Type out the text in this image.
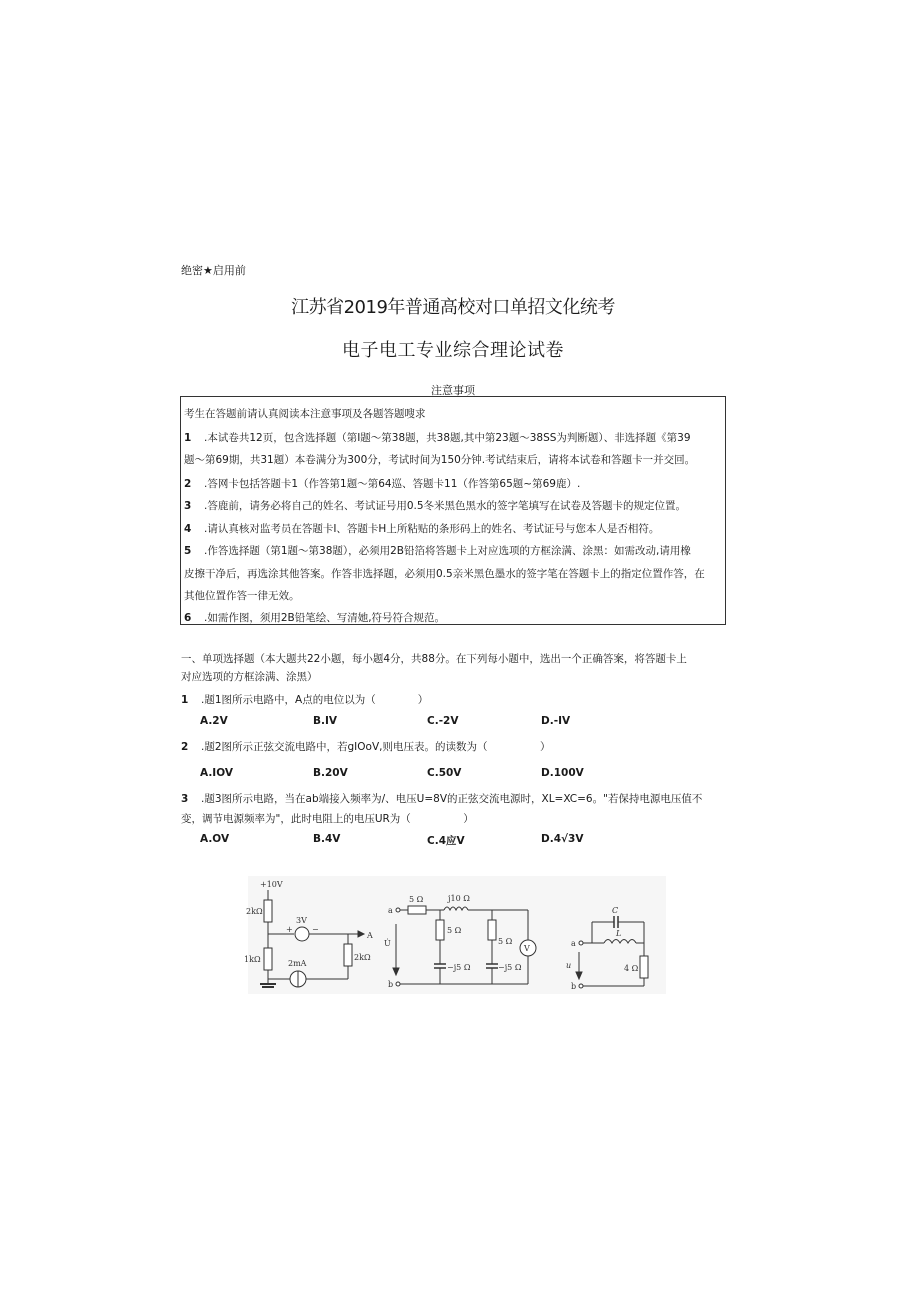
绝密★启用前
江苏省2019年普通高校对口单招文化统考
电子电工专业综合理论试卷
注意事项
考生在答题前请认真阅读本注意事项及各题答题嗖求
1 .本试卷共12页，包含选择题（第I题〜第38题，共38题,其中第23题〜38SS为判断题）、非选择题《第39
题〜第69期，共31题）本卷满分为300分，考试时间为150分钟.考试结束后，请将本试卷和答题卡一并交回。
2 .答网卡包括答题卡1（作答第1题〜第64巡、答题卡11（作答第65题~第69鹿）.
3 .答鹿前，请务必将自己的姓名、考试证号用0.5冬米黑色黑水的签字笔填写在试卷及答题卡的规定位置。
4 .请认真核对监考员在答题卡I、答题卡H上所粘贴的条形码上的姓名、考试证号与您本人是否相符。
5 .作答选择题（第1题〜第38题），必须用2B铅箔将答题卡上对应选项的方框涂满、涂黑：如需改动,请用橡
皮擦干净后，再选涂其他答案。作答非选择题，必须用0.5亲米黑色墨水的签字笔在答题卡上的指定位置作答，在
其他位置作答一律无效。
6 .如需作图，须用2B铅笔绘、写清她,符号符合规范。
一、单项选择题（本大题共22小题，每小题4分，共88分。在下列每小题中，选出一个正确答案，将答题卡上
对应选项的方框涂满、涂黑）
1 .题1图所示电路中，A点的电位以为（　　　　）
A.2V	B.IV	C.-2V	D.-IV
2 .题2图所示正弦交流电路中，若gIOoV,则电压表。的读数为（　　　　　）
A.IOV	B.20V	C.50V	D.100V
3 .题3图所示电路，当在ab端接入频率为/、电压U=8V的正弦交流电源时，XL=XC=6。"若保持电源电压值不
变，调节电源频率为"，此时电阻上的电压UR为（　　　　　）
A.OV	B.4V	C.4应V	D.4√3V
+10V
2kΩ
1kΩ
3V
+ −
2mA
2kΩ
A
a
b
U̇
5 Ω	j10 Ω
5 Ω
−j5 Ω
5 Ω
−j5 Ω
V
a
b
u
C
L
4 Ω
